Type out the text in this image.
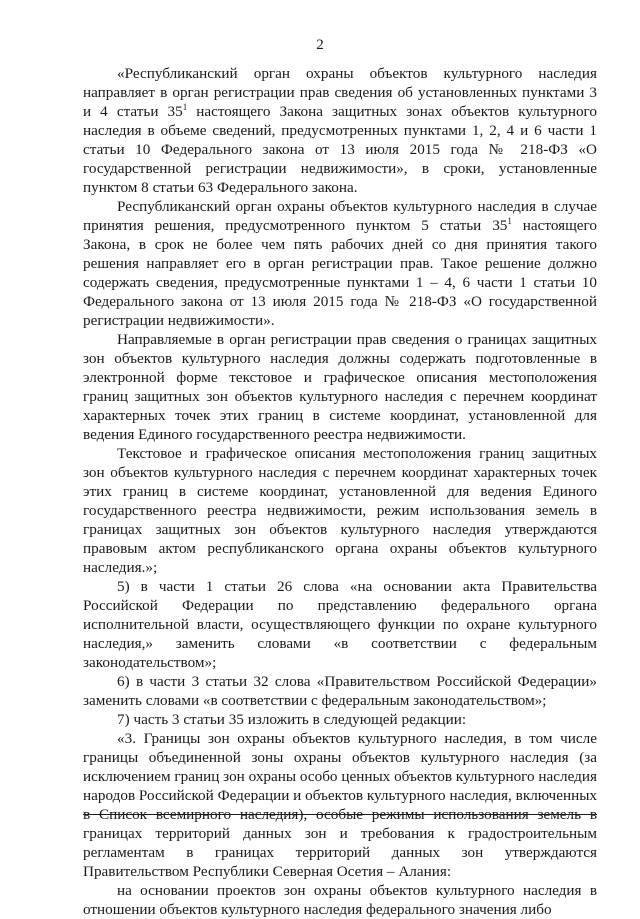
2

«Республиканский орган охраны объектов культурного наследия направляет в орган регистрации прав сведения об установленных пунктами 3 и 4 статьи $35^1$ настоящего Закона защитных зонах объектов культурного наследия в объеме сведений, предусмотренных пунктами 1, 2, 4 и 6 части 1 статьи 10 Федерального закона от 13 июля 2015 года № 218-ФЗ «О государственной регистрации недвижимости», в сроки, установленные пунктом 8 статьи 63 Федерального закона.

Республиканский орган охраны объектов культурного наследия в случае принятия решения, предусмотренного пунктом 5 статьи $35^1$ настоящего Закона, в срок не более чем пять рабочих дней со дня принятия такого решения направляет его в орган регистрации прав. Такое решение должно содержать сведения, предусмотренные пунктами 1 – 4, 6 части 1 статьи 10 Федерального закона от 13 июля 2015 года № 218-ФЗ «О государственной регистрации недвижимости».

Направляемые в орган регистрации прав сведения о границах защитных зон объектов культурного наследия должны содержать подготовленные в электронной форме текстовое и графическое описания местоположения границ защитных зон объектов культурного наследия с перечнем координат характерных точек этих границ в системе координат, установленной для ведения Единого государственного реестра недвижимости.

Текстовое и графическое описания местоположения границ защитных зон объектов культурного наследия с перечнем координат характерных точек этих границ в системе координат, установленной для ведения Единого государственного реестра недвижимости, режим использования земель в границах защитных зон объектов культурного наследия утверждаются правовым актом республиканского органа охраны объектов культурного наследия.»;

5) в части 1 статьи 26 слова «на основании акта Правительства Российской Федерации по представлению федерального органа исполнительной власти, осуществляющего функции по охране культурного наследия,» заменить словами «в соответствии с федеральным законодательством»;

6) в части 3 статьи 32 слова «Правительством Российской Федерации» заменить словами «в соответствии с федеральным законодательством»;

7) часть 3 статьи 35 изложить в следующей редакции:

«3. Границы зон охраны объектов культурного наследия, в том числе границы объединенной зоны охраны объектов культурного наследия (за исключением границ зон охраны особо ценных объектов культурного наследия народов Российской Федерации и объектов культурного наследия, включенных в Список всемирного наследия), особые режимы использования земель в границах территорий данных зон и требования к градостроительным регламентам в границах территорий данных зон утверждаются Правительством Республики Северная Осетия – Алания:

на основании проектов зон охраны объектов культурного наследия в отношении объектов культурного наследия федерального значения либо
